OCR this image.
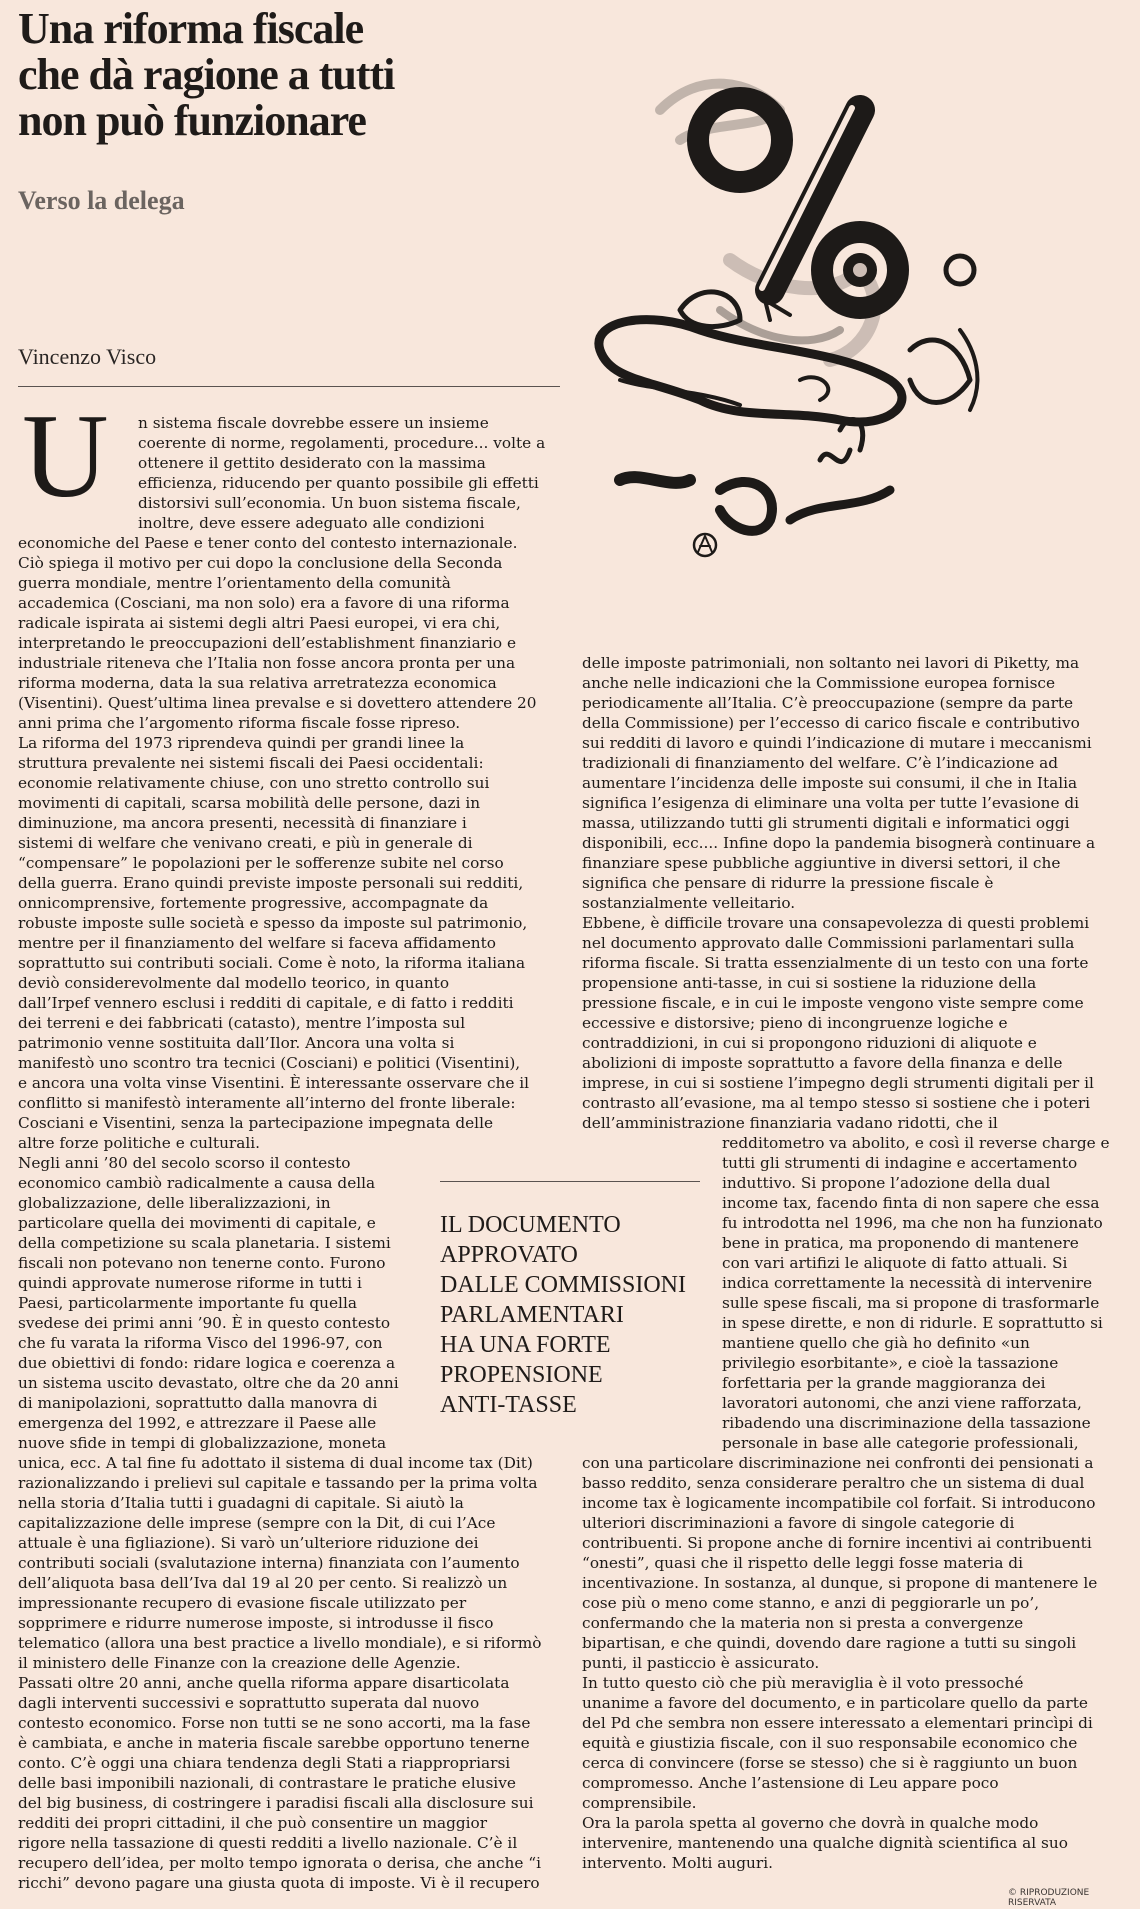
Una riforma fiscale
che dà ragione a tutti
non può funzionare
Verso la delega
Vincenzo Visco
U n sistema fiscale dovrebbe essere un insieme

coerente di norme, regolamenti, procedure... volte a

ottenere il gettito desiderato con la massima

efficienza, riducendo per quanto possibile gli effetti

distorsivi sull’economia. Un buon sistema fiscale,

inoltre, deve essere adeguato alle condizioni

economiche del Paese e tener conto del contesto internazionale.

Ciò spiega il motivo per cui dopo la conclusione della Seconda

guerra mondiale, mentre l’orientamento della comunità

accademica (Cosciani, ma non solo) era a favore di una riforma

radicale ispirata ai sistemi degli altri Paesi europei, vi era chi,

interpretando le preoccupazioni dell’establishment finanziario e

industriale riteneva che l’Italia non fosse ancora pronta per una

riforma moderna, data la sua relativa arretratezza economica

(Visentini). Quest’ultima linea prevalse e si dovettero attendere 20

anni prima che l’argomento riforma fiscale fosse ripreso.

La riforma del 1973 riprendeva quindi per grandi linee la

struttura prevalente nei sistemi fiscali dei Paesi occidentali:

economie relativamente chiuse, con uno stretto controllo sui

movimenti di capitali, scarsa mobilità delle persone, dazi in

diminuzione, ma ancora presenti, necessità di finanziare i

sistemi di welfare che venivano creati, e più in generale di

“compensare” le popolazioni per le sofferenze subite nel corso

della guerra. Erano quindi previste imposte personali sui redditi,

onnicomprensive, fortemente progressive, accompagnate da

robuste imposte sulle società e spesso da imposte sul patrimonio,

mentre per il finanziamento del welfare si faceva affidamento

soprattutto sui contributi sociali. Come è noto, la riforma italiana

deviò considerevolmente dal modello teorico, in quanto

dall’Irpef vennero esclusi i redditi di capitale, e di fatto i redditi

dei terreni e dei fabbricati (catasto), mentre l’imposta sul

patrimonio venne sostituita dall’Ilor. Ancora una volta si

manifestò uno scontro tra tecnici (Cosciani) e politici (Visentini),

e ancora una volta vinse Visentini. È interessante osservare che il

conflitto si manifestò interamente all’interno del fronte liberale:

Cosciani e Visentini, senza la partecipazione impegnata delle

altre forze politiche e culturali.

Negli anni ’80 del secolo scorso il contesto

economico cambiò radicalmente a causa della

globalizzazione, delle liberalizzazioni, in

particolare quella dei movimenti di capitale, e

della competizione su scala planetaria. I sistemi

fiscali non potevano non tenerne conto. Furono

quindi approvate numerose riforme in tutti i

Paesi, particolarmente importante fu quella

svedese dei primi anni ’90. È in questo contesto

che fu varata la riforma Visco del 1996-97, con

due obiettivi di fondo: ridare logica e coerenza a

un sistema uscito devastato, oltre che da 20 anni

di manipolazioni, soprattutto dalla manovra di

emergenza del 1992, e attrezzare il Paese alle

nuove sfide in tempi di globalizzazione, moneta

unica, ecc. A tal fine fu adottato il sistema di dual income tax (Dit)

razionalizzando i prelievi sul capitale e tassando per la prima volta

nella storia d’Italia tutti i guadagni di capitale. Si aiutò la

capitalizzazione delle imprese (sempre con la Dit, di cui l’Ace

attuale è una figliazione). Si varò un’ulteriore riduzione dei

contributi sociali (svalutazione interna) finanziata con l’aumento

dell’aliquota basa dell’Iva dal 19 al 20 per cento. Si realizzò un

impressionante recupero di evasione fiscale utilizzato per

sopprimere e ridurre numerose imposte, si introdusse il fisco

telematico (allora una best practice a livello mondiale), e si riformò

il ministero delle Finanze con la creazione delle Agenzie.

Passati oltre 20 anni, anche quella riforma appare disarticolata

dagli interventi successivi e soprattutto superata dal nuovo

contesto economico. Forse non tutti se ne sono accorti, ma la fase

è cambiata, e anche in materia fiscale sarebbe opportuno tenerne

conto. C’è oggi una chiara tendenza degli Stati a riappropriarsi

delle basi imponibili nazionali, di contrastare le pratiche elusive

del big business, di costringere i paradisi fiscali alla disclosure sui

redditi dei propri cittadini, il che può consentire un maggior

rigore nella tassazione di questi redditi a livello nazionale. C’è il

recupero dell’idea, per molto tempo ignorata o derisa, che anche “i

ricchi” devono pagare una giusta quota di imposte. Vi è il recupero

IL DOCUMENTO
APPROVATO
DALLE COMMISSIONI
PARLAMENTARI
HA UNA FORTE
PROPENSIONE
ANTI-TASSE

delle imposte patrimoniali, non soltanto nei lavori di Piketty, ma

anche nelle indicazioni che la Commissione europea fornisce

periodicamente all’Italia. C’è preoccupazione (sempre da parte

della Commissione) per l’eccesso di carico fiscale e contributivo

sui redditi di lavoro e quindi l’indicazione di mutare i meccanismi

tradizionali di finanziamento del welfare. C’è l’indicazione ad

aumentare l’incidenza delle imposte sui consumi, il che in Italia

significa l’esigenza di eliminare una volta per tutte l’evasione di

massa, utilizzando tutti gli strumenti digitali e informatici oggi

disponibili, ecc.... Infine dopo la pandemia bisognerà continuare a

finanziare spese pubbliche aggiuntive in diversi settori, il che

significa che pensare di ridurre la pressione fiscale è

sostanzialmente velleitario.

Ebbene, è difficile trovare una consapevolezza di questi problemi

nel documento approvato dalle Commissioni parlamentari sulla

riforma fiscale. Si tratta essenzialmente di un testo con una forte

propensione anti-tasse, in cui si sostiene la riduzione della

pressione fiscale, e in cui le imposte vengono viste sempre come

eccessive e distorsive; pieno di incongruenze logiche e

contraddizioni, in cui si propongono riduzioni di aliquote e

abolizioni di imposte soprattutto a favore della finanza e delle

imprese, in cui si sostiene l’impegno degli strumenti digitali per il

contrasto all’evasione, ma al tempo stesso si sostiene che i poteri

dell’amministrazione finanziaria vadano ridotti, che il

redditometro va abolito, e così il reverse charge e

tutti gli strumenti di indagine e accertamento

induttivo. Si propone l’adozione della dual

income tax, facendo finta di non sapere che essa

fu introdotta nel 1996, ma che non ha funzionato

bene in pratica, ma proponendo di mantenere

con vari artifizi le aliquote di fatto attuali. Si

indica correttamente la necessità di intervenire

sulle spese fiscali, ma si propone di trasformarle

in spese dirette, e non di ridurle. E soprattutto si

mantiene quello che già ho definito «un

privilegio esorbitante», e cioè la tassazione

forfettaria per la grande maggioranza dei

lavoratori autonomi, che anzi viene rafforzata,

ribadendo una discriminazione della tassazione

personale in base alle categorie professionali,

con una particolare discriminazione nei confronti dei pensionati a

basso reddito, senza considerare peraltro che un sistema di dual

income tax è logicamente incompatibile col forfait. Si introducono

ulteriori discriminazioni a favore di singole categorie di

contribuenti. Si propone anche di fornire incentivi ai contribuenti

“onesti”, quasi che il rispetto delle leggi fosse materia di

incentivazione. In sostanza, al dunque, si propone di mantenere le

cose più o meno come stanno, e anzi di peggiorarle un po’,

confermando che la materia non si presta a convergenze

bipartisan, e che quindi, dovendo dare ragione a tutti su singoli

punti, il pasticcio è assicurato.

In tutto questo ciò che più meraviglia è il voto pressoché

unanime a favore del documento, e in particolare quello da parte

del Pd che sembra non essere interessato a elementari princìpi di

equità e giustizia fiscale, con il suo responsabile economico che

cerca di convincere (forse se stesso) che si è raggiunto un buon

compromesso. Anche l’astensione di Leu appare poco

comprensibile.

Ora la parola spetta al governo che dovrà in qualche modo

intervenire, mantenendo una qualche dignità scientifica al suo

intervento. Molti auguri.

© RIPRODUZIONE RISERVATA
